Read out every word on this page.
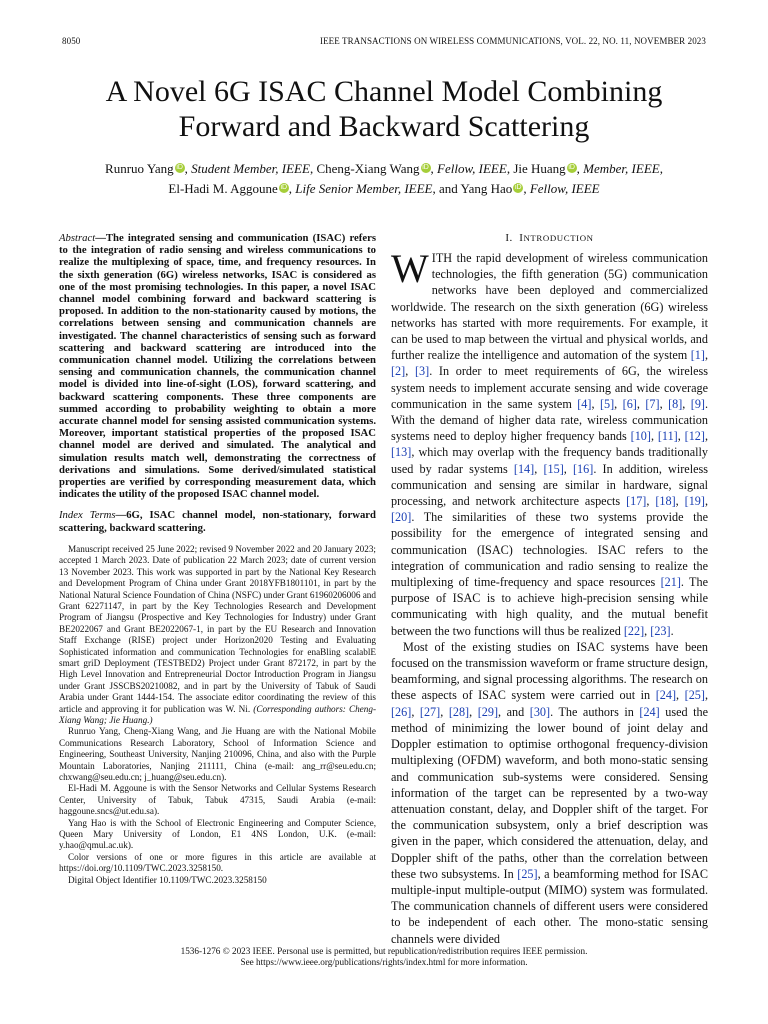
8050	IEEE TRANSACTIONS ON WIRELESS COMMUNICATIONS, VOL. 22, NO. 11, NOVEMBER 2023
A Novel 6G ISAC Channel Model Combining
Forward and Backward Scattering
Runruo Yang iD , Student Member, IEEE, Cheng-Xiang Wang iD , Fellow, IEEE, Jie Huang iD , Member, IEEE,
El-Hadi M. Aggoune iD , Life Senior Member, IEEE, and Yang Hao iD , Fellow, IEEE

Abstract—The integrated sensing and communication (ISAC) refers to the integration of radio sensing and wireless communications to realize the multiplexing of space, time, and frequency resources. In the sixth generation (6G) wireless networks, ISAC is considered as one of the most promising technologies. In this paper, a novel ISAC channel model combining forward and backward scattering is proposed. In addition to the non-stationarity caused by motions, the correlations between sensing and communication channels are investigated. The channel characteristics of sensing such as forward scattering and backward scattering are introduced into the communication channel model. Utilizing the correlations between sensing and communication channels, the communication channel model is divided into line-of-sight (LOS), forward scattering, and backward scattering components. These three components are summed according to probability weighting to obtain a more accurate channel model for sensing assisted communication systems. Moreover, important statistical properties of the proposed ISAC channel model are derived and simulated. The analytical and simulation results match well, demonstrating the correctness of derivations and simulations. Some derived/simulated statistical properties are verified by corresponding measurement data, which indicates the utility of the proposed ISAC channel model.

Index Terms—6G, ISAC channel model, non-stationary, forward scattering, backward scattering.

Manuscript received 25 June 2022; revised 9 November 2022 and 20 January 2023; accepted 1 March 2023. Date of publication 22 March 2023; date of current version 13 November 2023. This work was supported in part by the National Key Research and Development Program of China under Grant 2018YFB1801101, in part by the National Natural Science Foundation of China (NSFC) under Grant 61960206006 and Grant 62271147, in part by the Key Technologies Research and Development Program of Jiangsu (Prospective and Key Technologies for Industry) under Grant BE2022067 and Grant BE2022067-1, in part by the EU Research and Innovation Staff Exchange (RISE) project under Horizon2020 Testing and Evaluating Sophisticated information and communication Technologies for enaBling scalablE smart griD Deployment (TESTBED2) Project under Grant 872172, in part by the High Level Innovation and Entrepreneurial Doctor Introduction Program in Jiangsu under Grant JSSCBS20210082, and in part by the University of Tabuk of Saudi Arabia under Grant 1444-154. The associate editor coordinating the review of this article and approving it for publication was W. Ni. (Corresponding authors: Cheng-Xiang Wang; Jie Huang.)

Runruo Yang, Cheng-Xiang Wang, and Jie Huang are with the National Mobile Communications Research Laboratory, School of Information Science and Engineering, Southeast University, Nanjing 210096, China, and also with the Purple Mountain Laboratories, Nanjing 211111, China (e-mail: ang_rr@seu.edu.cn; chxwang@seu.edu.cn; j_huang@seu.edu.cn).

El-Hadi M. Aggoune is with the Sensor Networks and Cellular Systems Research Center, University of Tabuk, Tabuk 47315, Saudi Arabia (e-mail: haggoune.sncs@ut.edu.sa).

Yang Hao is with the School of Electronic Engineering and Computer Science, Queen Mary University of London, E1 4NS London, U.K. (e-mail: y.hao@qmul.ac.uk).

Color versions of one or more figures in this article are available at https://doi.org/10.1109/TWC.2023.3258150.

Digital Object Identifier 10.1109/TWC.2023.3258150

I. INTRODUCTION

WITH the rapid development of wireless communication technologies, the fifth generation (5G) communication networks have been deployed and commercialized worldwide. The research on the sixth generation (6G) wireless networks has started with more requirements. For example, it can be used to map between the virtual and physical worlds, and further realize the intelligence and automation of the system [1], [2], [3]. In order to meet requirements of 6G, the wireless system needs to implement accurate sensing and wide coverage communication in the same system [4], [5], [6], [7], [8], [9]. With the demand of higher data rate, wireless communication systems need to deploy higher frequency bands [10], [11], [12], [13], which may overlap with the frequency bands traditionally used by radar systems [14], [15], [16]. In addition, wireless communication and sensing are similar in hardware, signal processing, and network architecture aspects [17], [18], [19], [20]. The similarities of these two systems provide the possibility for the emergence of integrated sensing and communication (ISAC) technologies. ISAC refers to the integration of communication and radio sensing to realize the multiplexing of time-frequency and space resources [21]. The purpose of ISAC is to achieve high-precision sensing while communicating with high quality, and the mutual benefit between the two functions will thus be realized [22], [23].

Most of the existing studies on ISAC systems have been focused on the transmission waveform or frame structure design, beamforming, and signal processing algorithms. The research on these aspects of ISAC system were carried out in [24], [25], [26], [27], [28], [29], and [30]. The authors in [24] used the method of minimizing the lower bound of joint delay and Doppler estimation to optimise orthogonal frequency-division multiplexing (OFDM) waveform, and both mono-static sensing and communication sub-systems were considered. Sensing information of the target can be represented by a two-way attenuation constant, delay, and Doppler shift of the target. For the communication subsystem, only a brief description was given in the paper, which considered the attenuation, delay, and Doppler shift of the paths, other than the correlation between these two subsystems. In [25], a beamforming method for ISAC multiple-input multiple-output (MIMO) system was formulated. The communication channels of different users were considered to be independent of each other. The mono-static sensing channels were divided

1536-1276 © 2023 IEEE. Personal use is permitted, but republication/redistribution requires IEEE permission.
See https://www.ieee.org/publications/rights/index.html for more information.
